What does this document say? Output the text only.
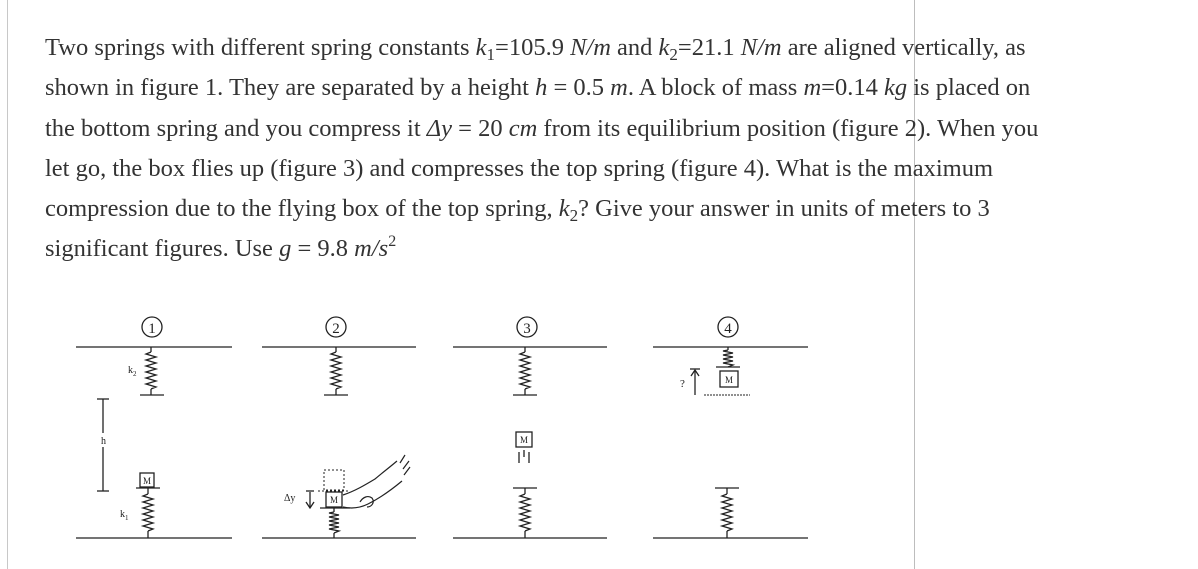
Two springs with different spring constants $k_1=105.9$ N/m and $k_2=21.1$ N/m are aligned vertically, as
shown in figure 1. They are separated by a height h = 0.5 m. A block of mass m=0.14 kg is placed on
the bottom spring and you compress it Δy = 20 cm from its equilibrium position (figure 2). When you
let go, the box flies up (figure 3) and compresses the top spring (figure 4). What is the maximum
compression due to the flying box of the top spring, $k_2$? Give your answer in units of meters to 3
significant figures. Use g = 9.8 $m/s^2$
1
$k_2$
h
M
$k_1$
2
M
Δy
3
M
4
M
?
